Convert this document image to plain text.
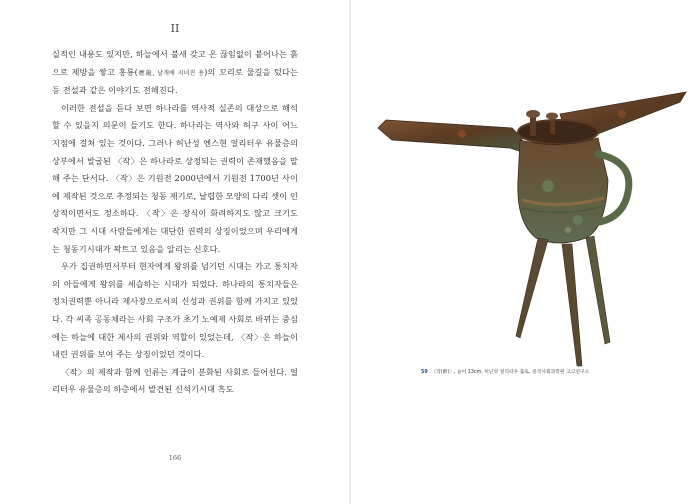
II

실적인 내용도 있지만, 하늘에서 불새 갖고 온 끊임없이 붙어나는 흙으로 제방을 쌓고 홍룡(應龍, 날개에 지녀진 용)의 꼬리로 물길을 텄다는 등 전설과 같은 이야기도 전해진다.

이러한 전설을 듣다 보면 하나라를 역사적 실존의 대상으로 해석할 수 있을지 의문이 들기도 한다. 하나라는 역사와 허구 사이 어느 지점에 걸쳐 있는 것이다. 그러나 허난성 옌스현 얼리터우 유물층의 상부에서 발굴된 〈작〉은 하나라로 상정되는 권력이 존재했음을 말해 주는 단서다. 〈작〉은 기원전 2000년에서 기원전 1700년 사이에 제작된 것으로 추정되는 청동 제기로, 날렵한 모양의 다리 셋이 인상적이면서도 정소하다. 〈작〉은 장식이 화려하지도 않고 크기도 작지만 그 시대 사람들에게는 대단한 권력의 상징이었으며 우리에게는 청동기시대가 꽉트고 있음을 알리는 신호다.

우가 집권하면서부터 현자에게 왕위를 넘기던 시대는 가고 통치자의 아들에게 왕위를 세습하는 시대가 되었다. 하나라의 통치자들은 정치권력뿐 아니라 제사장으로서의 신성과 권위를 함께 가지고 있었다. 각 씨족 공동체라는 사회 구조가 초기 노예제 사회로 바뀌는 중심에는 하늘에 대한 제사의 권위와 역할이 있었는데, 〈작〉은 하늘이 내린 권위를 보여 주는 상징이었던 것이다.

〈작〉의 제작과 함께 인류는 계급이 분화된 사회로 들어선다. 얼리터우 유물층의 하층에서 발견된 신석기시대 흑도

166
59 〈작(爵)〉, 높이 13cm, 허난성 얼리터우 출토, 중국사회과학원 고고연구소
